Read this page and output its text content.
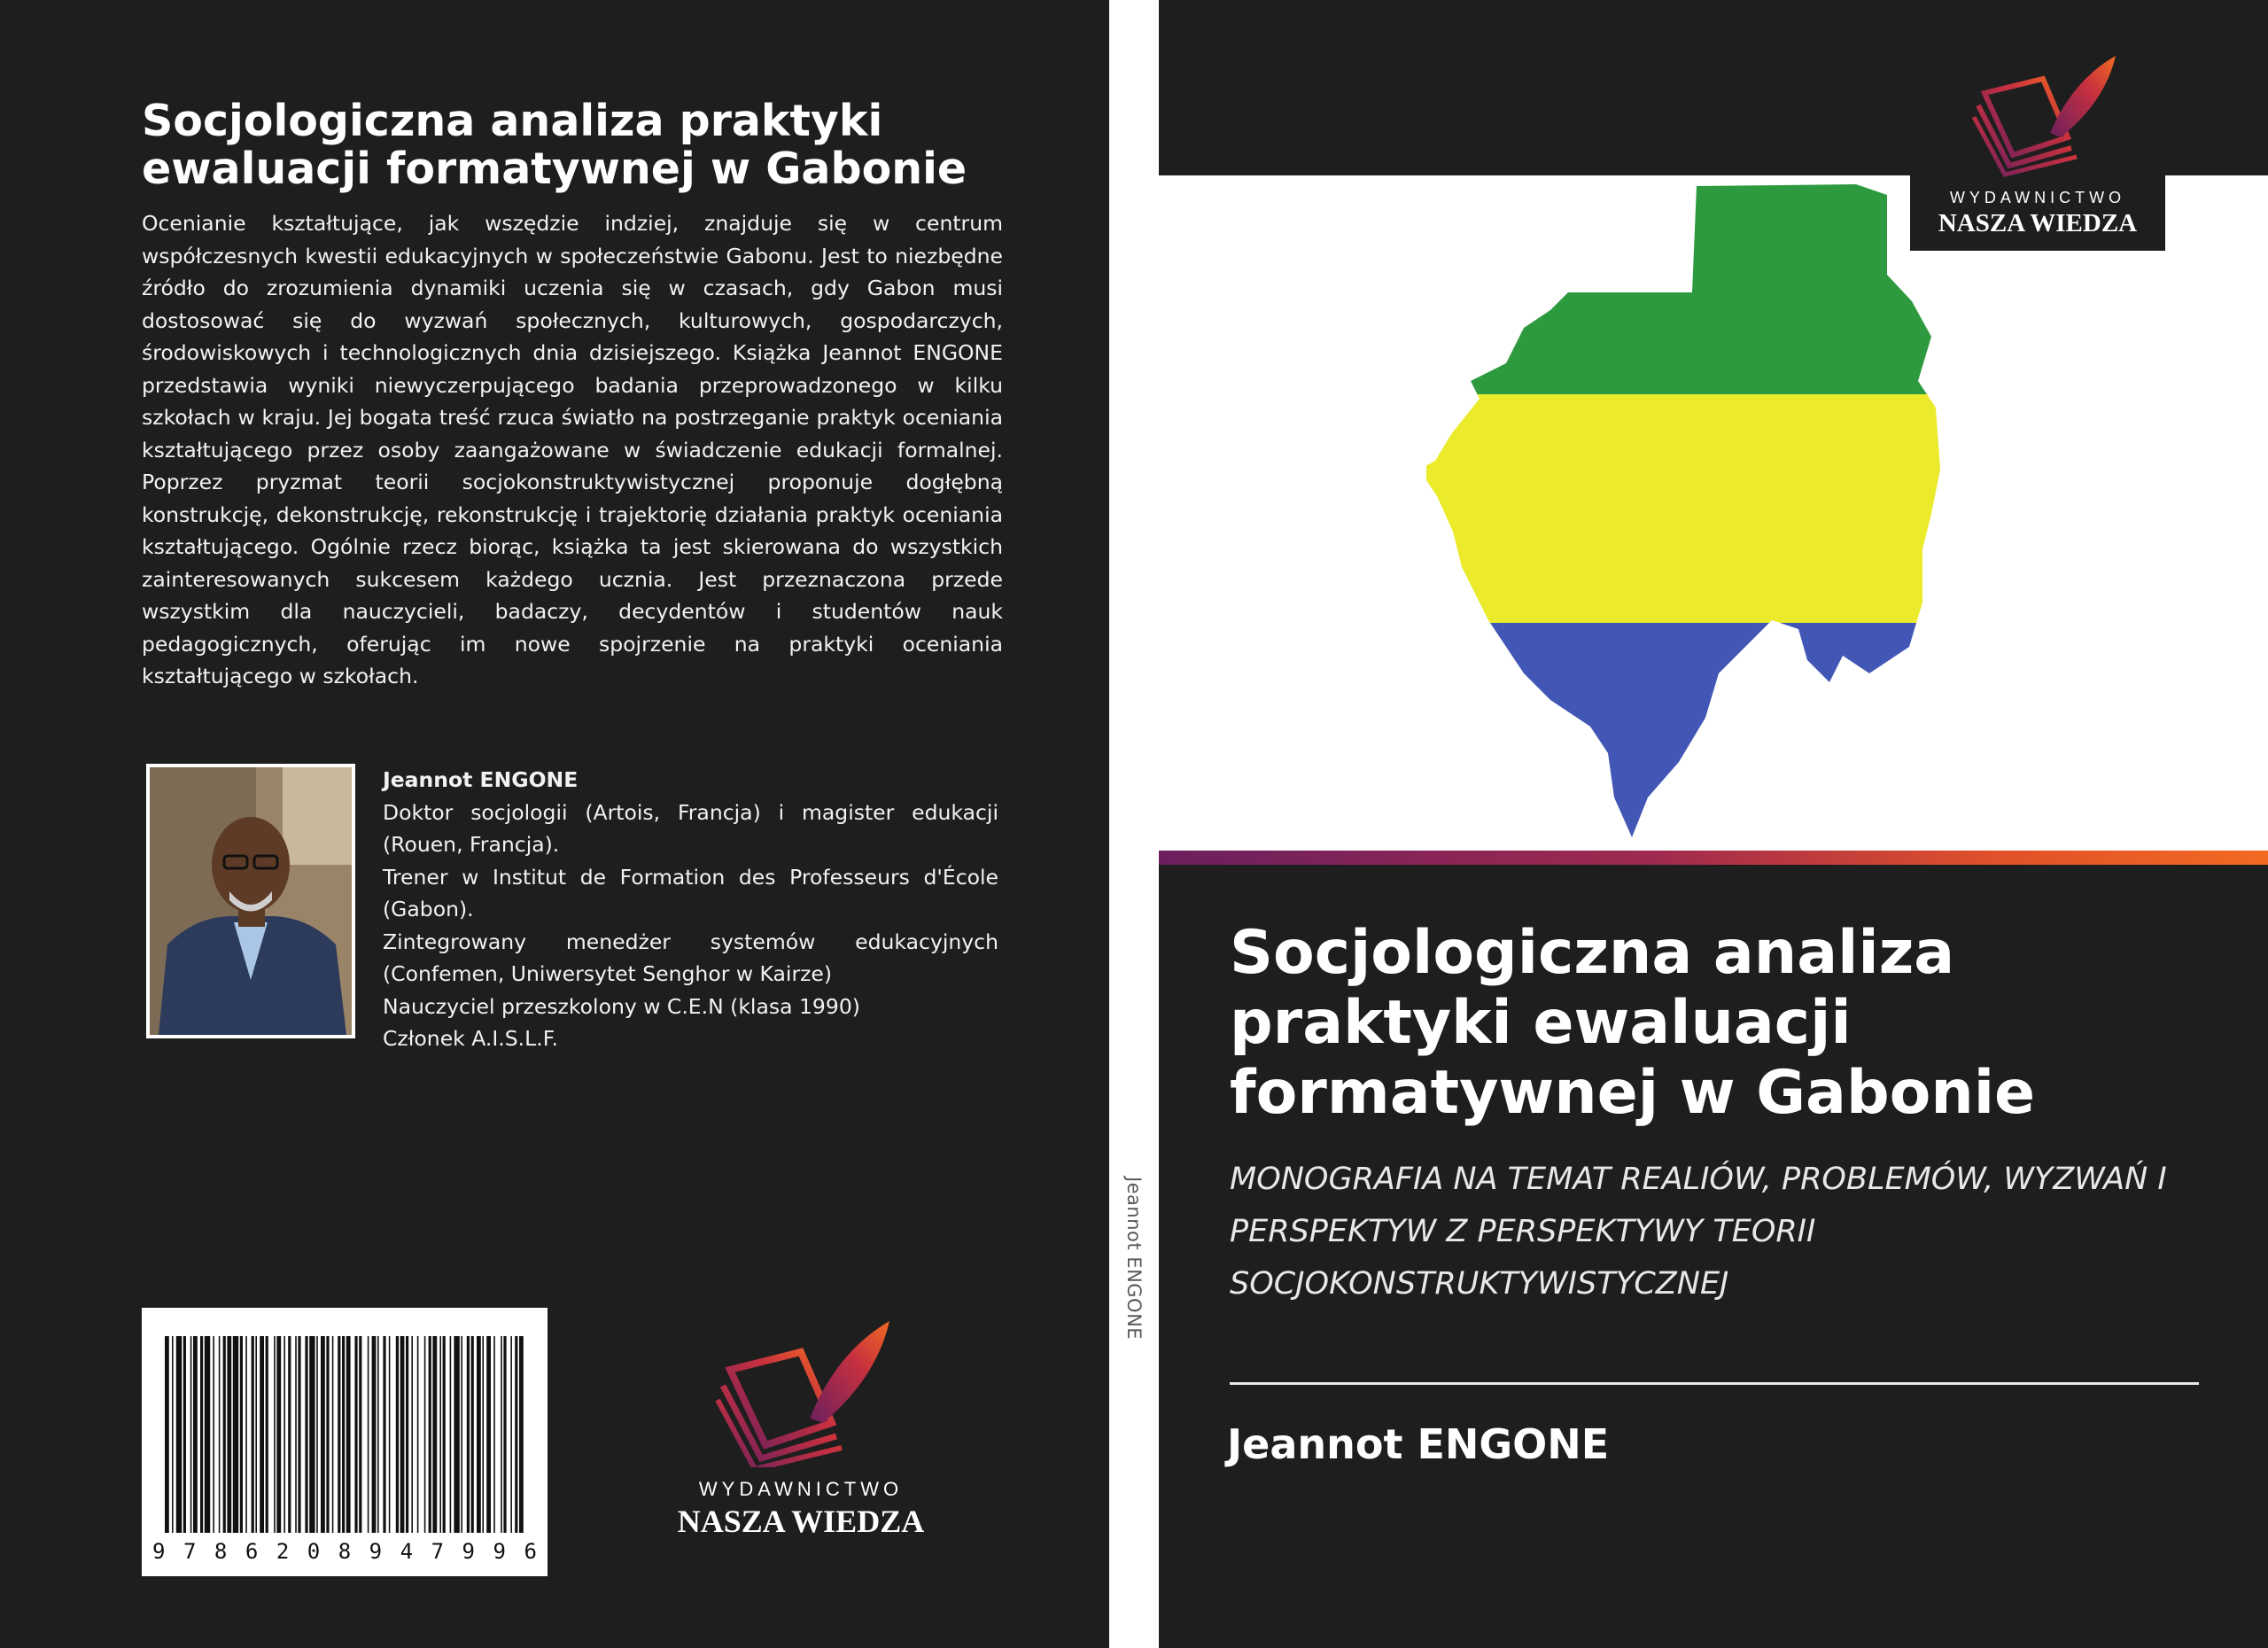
Socjologiczna analiza praktyki ewaluacji formatywnej w Gabonie

Ocenianie kształtujące, jak wszędzie indziej, znajduje się w centrum współczesnych kwestii edukacyjnych w społeczeństwie Gabonu. Jest to niezbędne źródło do zrozumienia dynamiki uczenia się w czasach, gdy Gabon musi dostosować się do wyzwań społecznych, kulturowych, gospodarczych, środowiskowych i technologicznych dnia dzisiejszego. Książka Jeannot ENGONE przedstawia wyniki niewyczerpującego badania przeprowadzonego w kilku szkołach w kraju. Jej bogata treść rzuca światło na postrzeganie praktyk oceniania kształtującego przez osoby zaangażowane w świadczenie edukacji formalnej. Poprzez pryzmat teorii socjokonstruktywistycznej proponuje dogłębną konstrukcję, dekonstrukcję, rekonstrukcję i trajektorię działania praktyk oceniania kształtującego. Ogólnie rzecz biorąc, książka ta jest skierowana do wszystkich zainteresowanych sukcesem każdego ucznia. Jest przeznaczona przede wszystkim dla nauczycieli, badaczy, decydentów i studentów nauk pedagogicznych, oferując im nowe spojrzenie na praktyki oceniania kształtującego w szkołach.

Jeannot ENGONE
Doktor socjologii (Artois, Francja) i magister edukacji (Rouen, Francja).
Trener w Institut de Formation des Professeurs d'École (Gabon).
Zintegrowany menedżer systemów edukacyjnych (Confemen, Uniwersytet Senghor w Kairze)
Nauczyciel przeszkolony w C.E.N (klasa 1990)
Członek A.I.S.L.F.
9 7 8 6 2 0 8 9 4 7 9 9 6
WYDAWNICTWO
NASZA WIEDZA
Jeannot ENGONE
WYDAWNICTWO
NASZA WIEDZA
Socjologiczna analiza praktyki ewaluacji formatywnej w Gabonie

MONOGRAFIA NA TEMAT REALIÓW, PROBLEMÓW, WYZWAŃ I PERSPEKTYW Z PERSPEKTYWY TEORII SOCJOKONSTRUKTYWISTYCZNEJ

Jeannot ENGONE
